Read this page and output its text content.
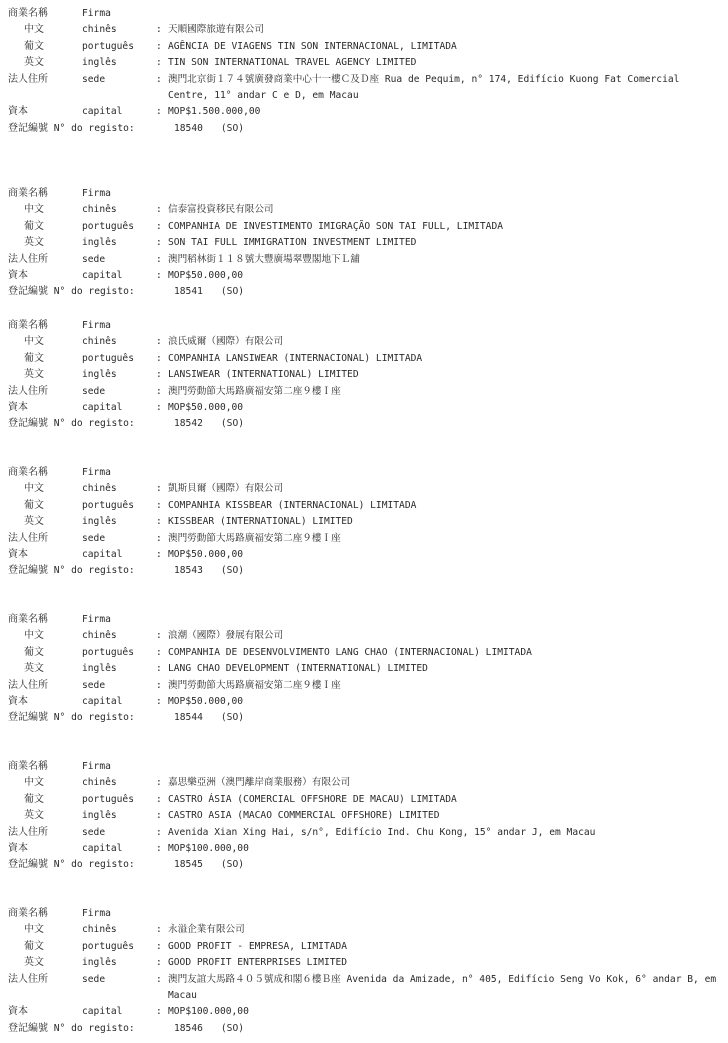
商業名稱	Firma
中文	chinês	: 天順國際旅遊有限公司
葡文	português : AGÊNCIA DE VIAGENS TIN SON INTERNACIONAL, LIMITADA
英文	inglês	: TIN SON INTERNATIONAL TRAVEL AGENCY LIMITED
法人住所	sede	: 澳門北京街１７４號廣發商業中心十一樓Ｃ及Ｄ座 Rua de Pequim, n° 174, Edifício Kuong Fat Comercial Centre, 11° andar C e D, em Macau
資本	capital	: MOP$1.500.000,00
登記編號 N° do registo:	18540 (SO)
商業名稱	Firma
中文	chinês	: 信泰富投資移民有限公司
葡文	português : COMPANHIA DE INVESTIMENTO IMIGRAÇÃO SON TAI FULL, LIMITADA
英文	inglês	: SON TAI FULL IMMIGRATION INVESTMENT LIMITED
法人住所	sede	: 澳門稻林街１１８號大豐廣場翠豐閣地下Ｌ舖
資本	capital	: MOP$50.000,00
登記編號 N° do registo:	18541 (SO)
商業名稱	Firma
中文	chinês	: 浪氏威爾（國際）有限公司
葡文	português : COMPANHIA LANSIWEAR (INTERNACIONAL) LIMITADA
英文	inglês	: LANSIWEAR (INTERNATIONAL) LIMITED
法人住所	sede	: 澳門勞動節大馬路廣福安第二座９樓Ｉ座
資本	capital	: MOP$50.000,00
登記編號 N° do registo:	18542 (SO)
商業名稱	Firma
中文	chinês	: 凱斯貝爾（國際）有限公司
葡文	português : COMPANHIA KISSBEAR (INTERNACIONAL) LIMITADA
英文	inglês	: KISSBEAR (INTERNATIONAL) LIMITED
法人住所	sede	: 澳門勞動節大馬路廣福安第二座９樓Ｉ座
資本	capital	: MOP$50.000,00
登記編號 N° do registo:	18543 (SO)
商業名稱	Firma
中文	chinês	: 浪潮（國際）發展有限公司
葡文	português : COMPANHIA DE DESENVOLVIMENTO LANG CHAO (INTERNACIONAL) LIMITADA
英文	inglês	: LANG CHAO DEVELOPMENT (INTERNATIONAL) LIMITED
法人住所	sede	: 澳門勞動節大馬路廣福安第二座９樓Ｉ座
資本	capital	: MOP$50.000,00
登記編號 N° do registo:	18544 (SO)
商業名稱	Firma
中文	chinês	: 嘉思樂亞洲（澳門離岸商業服務）有限公司
葡文	português : CASTRO ÁSIA (COMERCIAL OFFSHORE DE MACAU) LIMITADA
英文	inglês	: CASTRO ASIA (MACAO COMMERCIAL OFFSHORE) LIMITED
法人住所	sede	: Avenida Xian Xing Hai, s/n°, Edifício Ind. Chu Kong, 15° andar J, em Macau
資本	capital	: MOP$100.000,00
登記編號 N° do registo:	18545 (SO)
商業名稱	Firma
中文	chinês	: 永溢企業有限公司
葡文	português : GOOD PROFIT - EMPRESA, LIMITADA
英文	inglês	: GOOD PROFIT ENTERPRISES LIMITED
法人住所	sede	: 澳門友誼大馬路４０５號成和閣６樓Ｂ座 Avenida da Amizade, n° 405, Edifício Seng Vo Kok, 6° andar B, em Macau
資本	capital	: MOP$100.000,00
登記編號 N° do registo:	18546 (SO)
